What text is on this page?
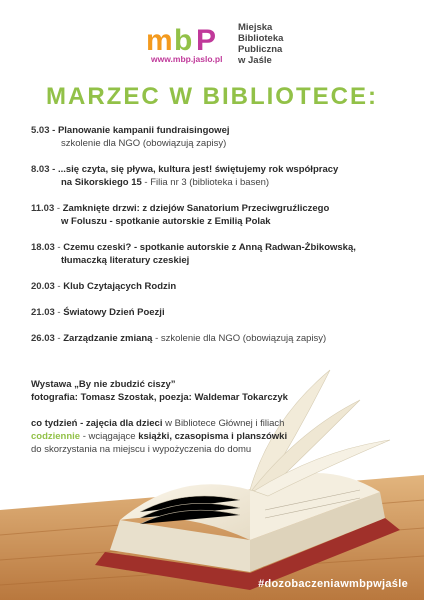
m b P Miejska
Biblioteka
Publiczna
w Jaśle
www.mbp.jaslo.pl
MARZEC W BIBLIOTECE:
5.03 - Planowanie kampanii fundraisingowej
szkolenie dla NGO (obowiązują zapisy)
8.03 - ...się czyta, się pływa, kultura jest! świętujemy rok współpracy
na Sikorskiego 15 - Filia nr 3 (biblioteka i basen)
11.03 - Zamknięte drzwi: z dziejów Sanatorium Przeciwgruźliczego
w Foluszu - spotkanie autorskie z Emilią Polak
18.03 - Czemu czeski? - spotkanie autorskie z Anną Radwan-Żbikowską,
tłumaczką literatury czeskiej
20.03 - Klub Czytających Rodzin
21.03 - Światowy Dzień Poezji
26.03 - Zarządzanie zmianą - szkolenie dla NGO (obowiązują zapisy)
Wystawa „By nie zbudzić ciszy”
fotografia: Tomasz Szostak, poezja: Waldemar Tokarczyk
co tydzień - zajęcia dla dzieci w Bibliotece Głównej i filiach
codziennie - wciągające książki, czasopisma i planszówki
do skorzystania na miejscu i wypożyczenia do domu
#dozobaczeniawmbpwjaśle
